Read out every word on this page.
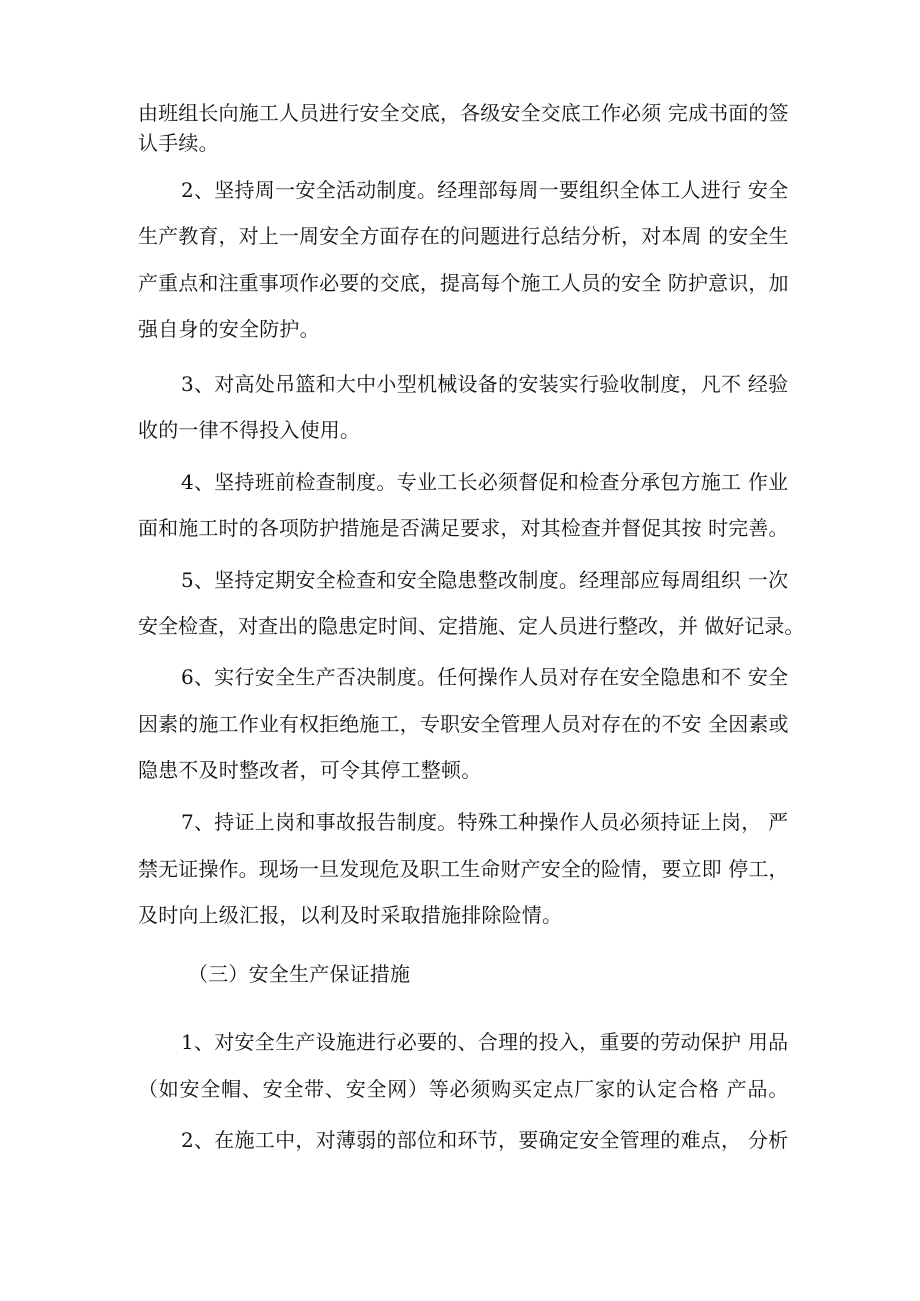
由班组长向施工人员进行安全交底，各级安全交底工作必须 完成书面的签
认手续。
2、坚持周一安全活动制度。经理部每周一要组织全体工人进行 安全
生产教育，对上一周安全方面存在的问题进行总结分析，对本周 的安全生
产重点和注重事项作必要的交底，提高每个施工人员的安全 防护意识，加
强自身的安全防护。
3、对高处吊篮和大中小型机械设备的安装实行验收制度，凡不 经验
收的一律不得投入使用。
4、坚持班前检查制度。专业工长必须督促和检查分承包方施工 作业
面和施工时的各项防护措施是否满足要求，对其检查并督促其按 时完善。
5、坚持定期安全检查和安全隐患整改制度。经理部应每周组织 一次
安全检查，对查出的隐患定时间、定措施、定人员进行整改，并 做好记录。
6、实行安全生产否决制度。任何操作人员对存在安全隐患和不 安全
因素的施工作业有权拒绝施工，专职安全管理人员对存在的不安 全因素或
隐患不及时整改者，可令其停工整顿。
7、持证上岗和事故报告制度。特殊工种操作人员必须持证上岗， 严
禁无证操作。现场一旦发现危及职工生命财产安全的险情，要立即 停工，
及时向上级汇报，以利及时采取措施排除险情。
（三）安全生产保证措施
1、对安全生产设施进行必要的、合理的投入，重要的劳动保护 用品
（如安全帽、安全带、安全网）等必须购买定点厂家的认定合格 产品。
2、在施工中，对薄弱的部位和环节，要确定安全管理的难点， 分析
